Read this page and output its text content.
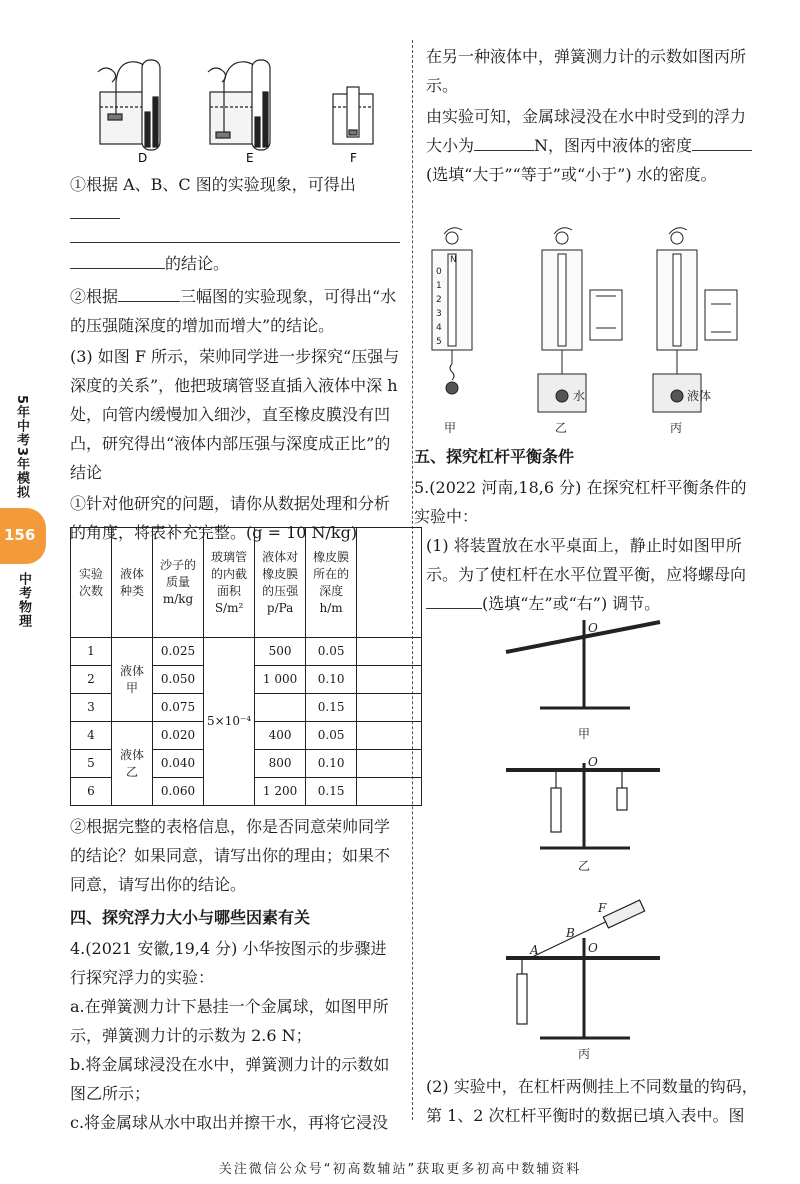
5年中考3年模拟
156
中考物理
D	E	F

①根据 A、B、C 图的实验现象，可得出

的结论。

②根据	三幅图的实验现象，可得出“水的压强随深度的增加而增大”的结论。

(3) 如图 F 所示，荣帅同学进一步探究“压强与深度的关系”，他把玻璃管竖直插入液体中深 h 处，向管内缓慢加入细沙，直至橡皮膜没有凹凸，研究得出“液体内部压强与深度成正比”的结论

①针对他研究的问题，请你从数据处理和分析的角度，将表补充完整。(g = 10 N/kg)

实验次数	液体种类	沙子的质量 m/kg	玻璃管的内截面积 S/m²	液体对橡皮膜的压强 p/Pa	橡皮膜所在的深度 h/m	
1	液体甲	0.025	5×10⁻⁴	500	0.05	
2		0.050		1 000	0.10	
3		0.075			0.15	
4	液体乙	0.020		400	0.05	
5		0.040		800	0.10	
6		0.060		1 200	0.15	

②根据完整的表格信息，你是否同意荣帅同学的结论？如果同意，请写出你的理由；如果不同意，请写出你的结论。

四、探究浮力大小与哪些因素有关

4.(2021 安徽,19,4 分) 小华按图示的步骤进行探究浮力的实验：

a.在弹簧测力计下悬挂一个金属球，如图甲所示，弹簧测力计的示数为 2.6 N；

b.将金属球浸没在水中，弹簧测力计的示数如图乙所示；

c.将金属球从水中取出并擦干水，再将它浸没

在另一种液体中，弹簧测力计的示数如图丙所示。

由实验可知，金属球浸没在水中时受到的浮力大小为	N，图丙中液体的密度(选填“大于”“等于”或“小于”) 水的密度。

N
0
1
2
3
4
5
水	液体
甲	乙	丙

五、探究杠杆平衡条件

5.(2022 河南,18,6 分) 在探究杠杆平衡条件的实验中：

(1) 将装置放在水平桌面上，静止时如图甲所示。为了使杠杆在水平位置平衡，应将螺母向(选填“左”或“右”) 调节。

O
O
O
A
B
F
甲
乙
丙

(2) 实验中，在杠杆两侧挂上不同数量的钩码，第 1、2 次杠杆平衡时的数据已填入表中。图

关注微信公众号“初高数辅站”获取更多初高中数辅资料
